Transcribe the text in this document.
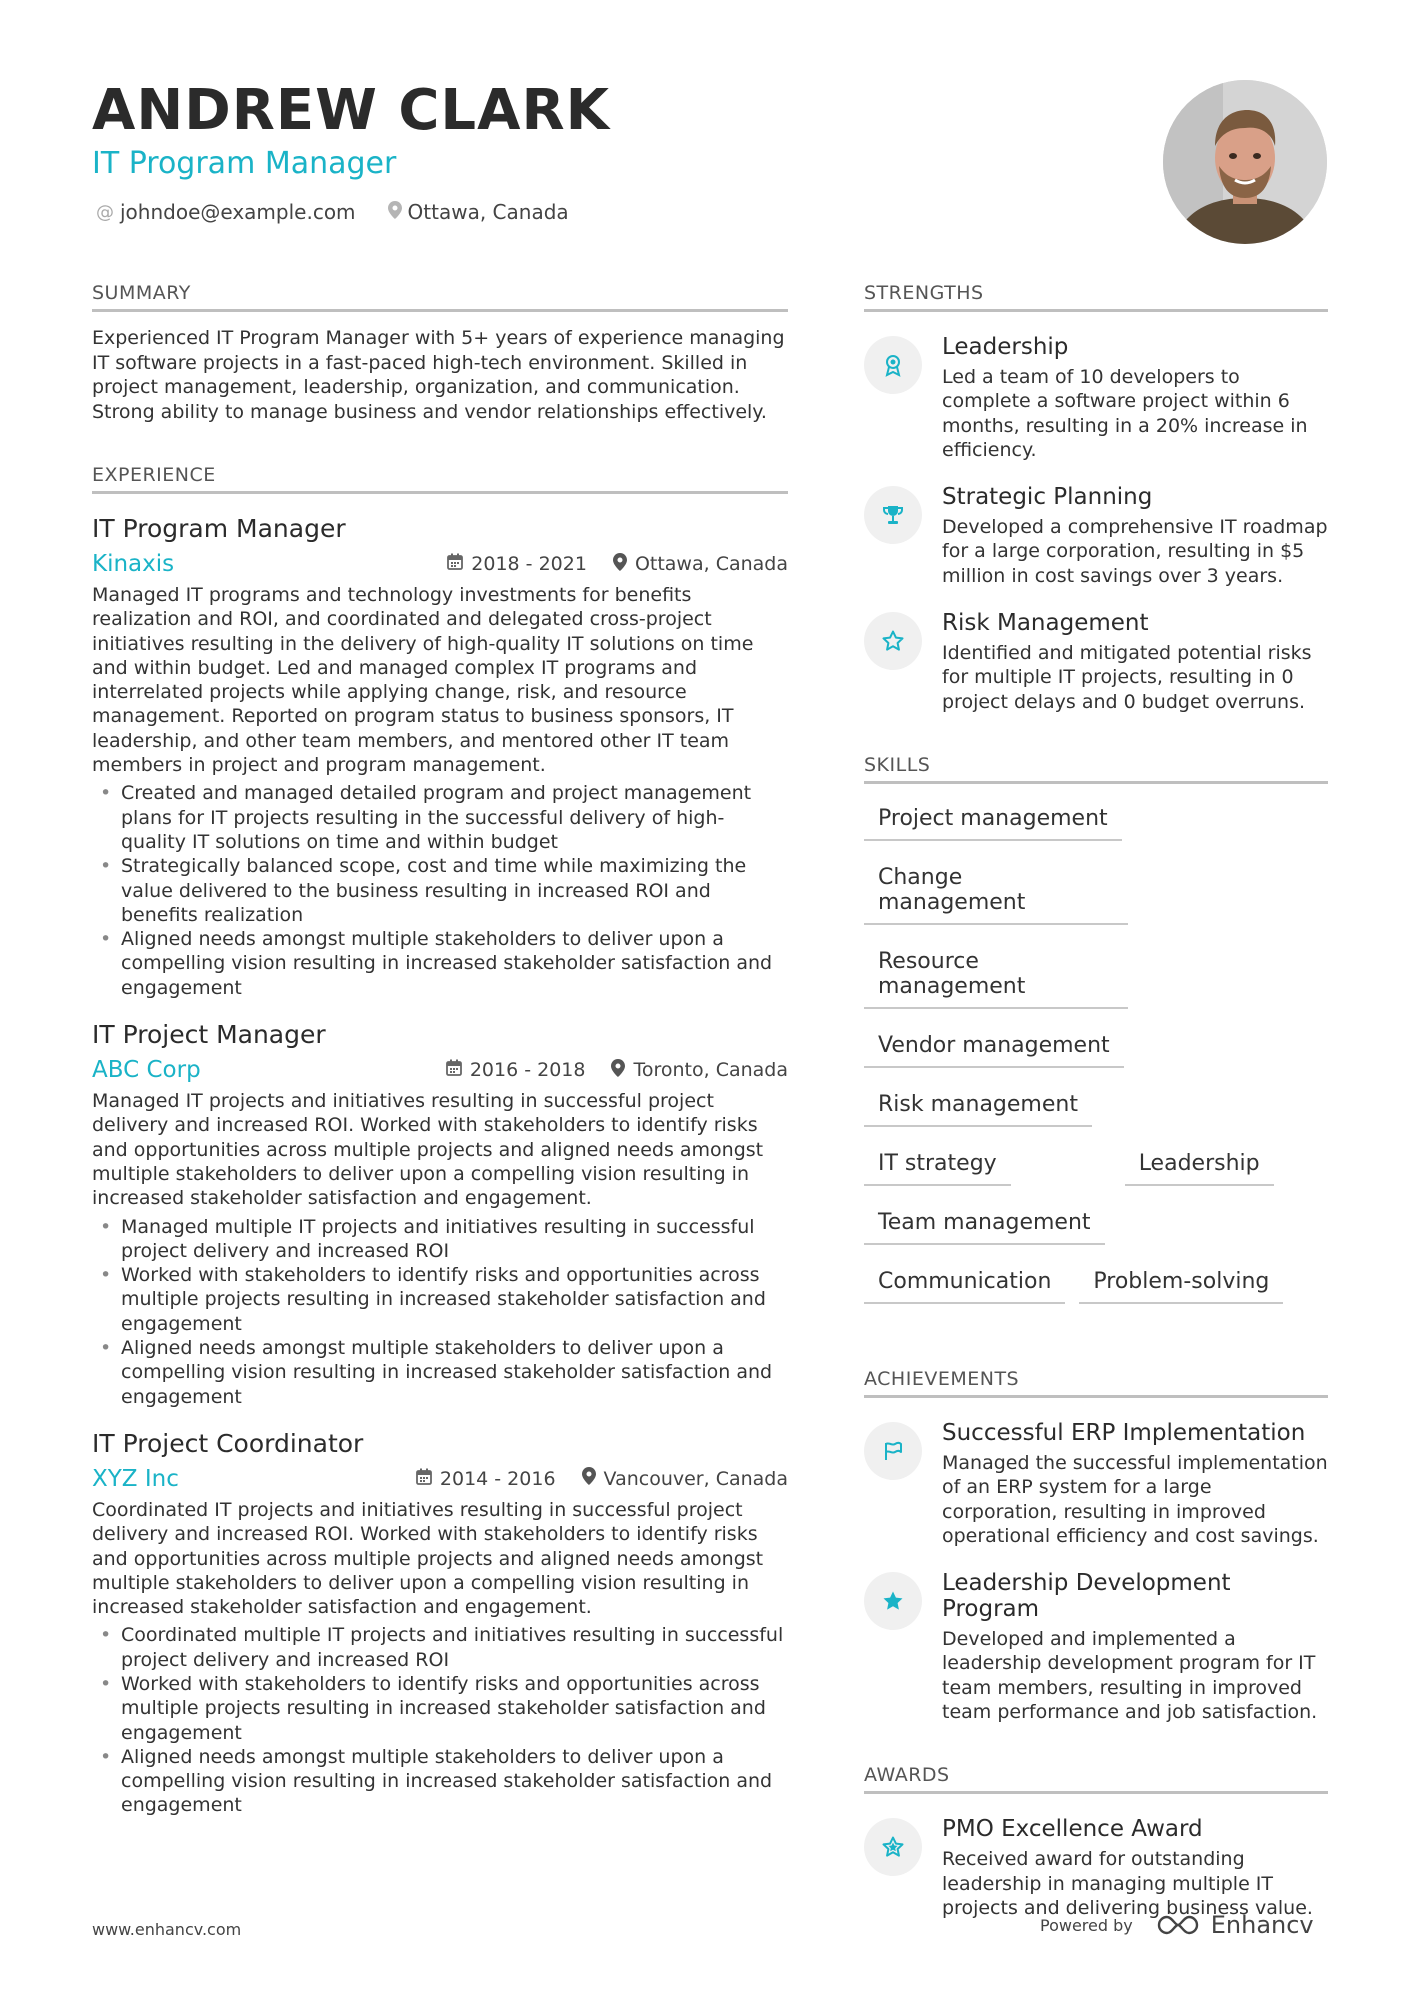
ANDREW CLARK
IT Program Manager
@ johndoe@example.com	Ottawa, Canada
SUMMARY
Experienced IT Program Manager with 5+ years of experience managing IT software projects in a fast-paced high-tech environment. Skilled in project management, leadership, organization, and communication. Strong ability to manage business and vendor relationships effectively.
EXPERIENCE
IT Program Manager
Kinaxis	2018 - 2021	Ottawa, Canada
Managed IT programs and technology investments for benefits realization and ROI, and coordinated and delegated cross-project initiatives resulting in the delivery of high-quality IT solutions on time and within budget. Led and managed complex IT programs and interrelated projects while applying change, risk, and resource management. Reported on program status to business sponsors, IT leadership, and other team members, and mentored other IT team members in project and program management.
• Created and managed detailed program and project management plans for IT projects resulting in the successful delivery of high-quality IT solutions on time and within budget
• Strategically balanced scope, cost and time while maximizing the value delivered to the business resulting in increased ROI and benefits realization
• Aligned needs amongst multiple stakeholders to deliver upon a compelling vision resulting in increased stakeholder satisfaction and engagement
IT Project Manager
ABC Corp	2016 - 2018	Toronto, Canada
Managed IT projects and initiatives resulting in successful project delivery and increased ROI. Worked with stakeholders to identify risks and opportunities across multiple projects and aligned needs amongst multiple stakeholders to deliver upon a compelling vision resulting in increased stakeholder satisfaction and engagement.
• Managed multiple IT projects and initiatives resulting in successful project delivery and increased ROI
• Worked with stakeholders to identify risks and opportunities across multiple projects resulting in increased stakeholder satisfaction and engagement
• Aligned needs amongst multiple stakeholders to deliver upon a compelling vision resulting in increased stakeholder satisfaction and engagement
IT Project Coordinator
XYZ Inc	2014 - 2016	Vancouver, Canada
Coordinated IT projects and initiatives resulting in successful project delivery and increased ROI. Worked with stakeholders to identify risks and opportunities across multiple projects and aligned needs amongst multiple stakeholders to deliver upon a compelling vision resulting in increased stakeholder satisfaction and engagement.
• Coordinated multiple IT projects and initiatives resulting in successful project delivery and increased ROI
• Worked with stakeholders to identify risks and opportunities across multiple projects resulting in increased stakeholder satisfaction and engagement
• Aligned needs amongst multiple stakeholders to deliver upon a compelling vision resulting in increased stakeholder satisfaction and engagement
STRENGTHS
Leadership
Led a team of 10 developers to complete a software project within 6 months, resulting in a 20% increase in efficiency.
Strategic Planning
Developed a comprehensive IT roadmap for a large corporation, resulting in $5 million in cost savings over 3 years.
Risk Management
Identified and mitigated potential risks for multiple IT projects, resulting in 0 project delays and 0 budget overruns.
SKILLS
Project management
Change management
Resource management
Vendor management
Risk management
IT strategy	Leadership
Team management
Communication	Problem-solving
ACHIEVEMENTS
Successful ERP Implementation
Managed the successful implementation of an ERP system for a large corporation, resulting in improved operational efficiency and cost savings.
Leadership Development Program
Developed and implemented a leadership development program for IT team members, resulting in improved team performance and job satisfaction.
AWARDS
PMO Excellence Award
Received award for outstanding leadership in managing multiple IT projects and delivering business value.
www.enhancv.com	Powered by	Enhancv
